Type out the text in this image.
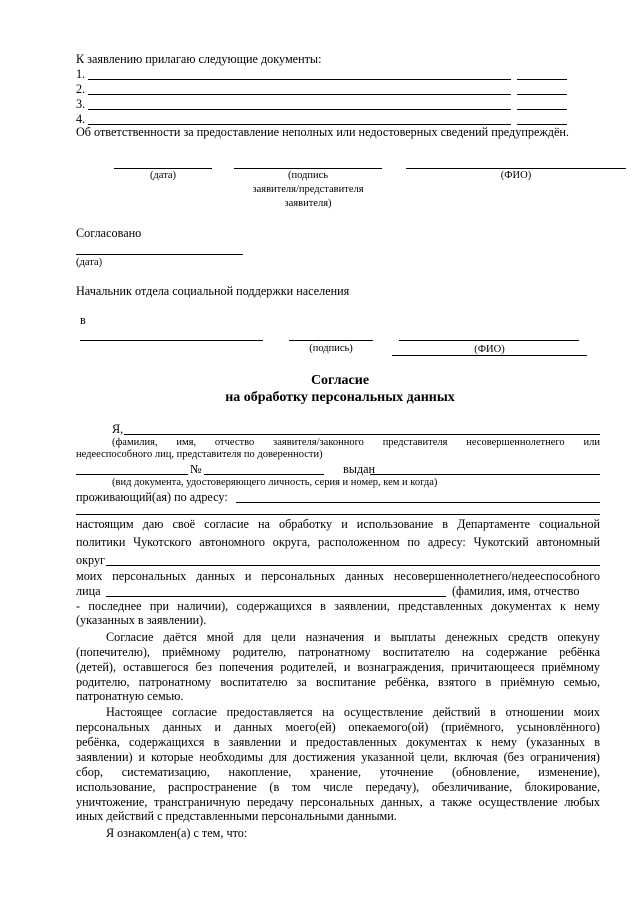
К заявлению прилагаю следующие документы:
1.
2.
3.
4.
Об ответственности за предоставление неполных или недостоверных сведений предупреждён.
(дата)	(подпись
заявителя/представителя
заявителя)
(ФИО)
Согласовано
(дата)
Начальник отдела социальной поддержки населения
в
(подпись)	(ФИО)
Согласие
на обработку персональных данных
Я,
(фамилия, имя, отчество заявителя/законного представителя несовершеннолетнего или
недееспособного лиц, представителя по доверенности)
№	выдан
(вид документа, удостоверяющего личность, серия и номер, кем и когда)
проживающий(ая) по адресу:
настоящим даю своё согласие на обработку и использование в Департаменте социальной
политики Чукотского автономного округа, расположенном по адресу: Чукотский автономный
округ
моих персональных данных и персональных данных несовершеннолетнего/недееспособного
лица	(фамилия, имя, отчество
- последнее при наличии), содержащихся в заявлении, представленных документах к нему
(указанных в заявлении).
Согласие даётся мной для цели назначения и выплаты денежных средств опекуну
(попечителю), приёмному родителю, патронатному воспитателю на содержание ребёнка
(детей), оставшегося без попечения родителей, и вознаграждения, причитающееся приёмному
родителю, патронатному воспитателю за воспитание ребёнка, взятого в приёмную семью,
патронатную семью.
Настоящее согласие предоставляется на осуществление действий в отношении моих
персональных данных и данных моего(ей) опекаемого(ой) (приёмного, усыновлённого)
ребёнка, содержащихся в заявлении и предоставленных документах к нему (указанных в
заявлении) и которые необходимы для достижения указанной цели, включая (без ограничения)
сбор, систематизацию, накопление, хранение, уточнение (обновление, изменение),
использование, распространение (в том числе передачу), обезличивание, блокирование,
уничтожение, трансграничную передачу персональных данных, а также осуществление любых
иных действий с представленными персональными данными.
Я ознакомлен(а) с тем, что:
